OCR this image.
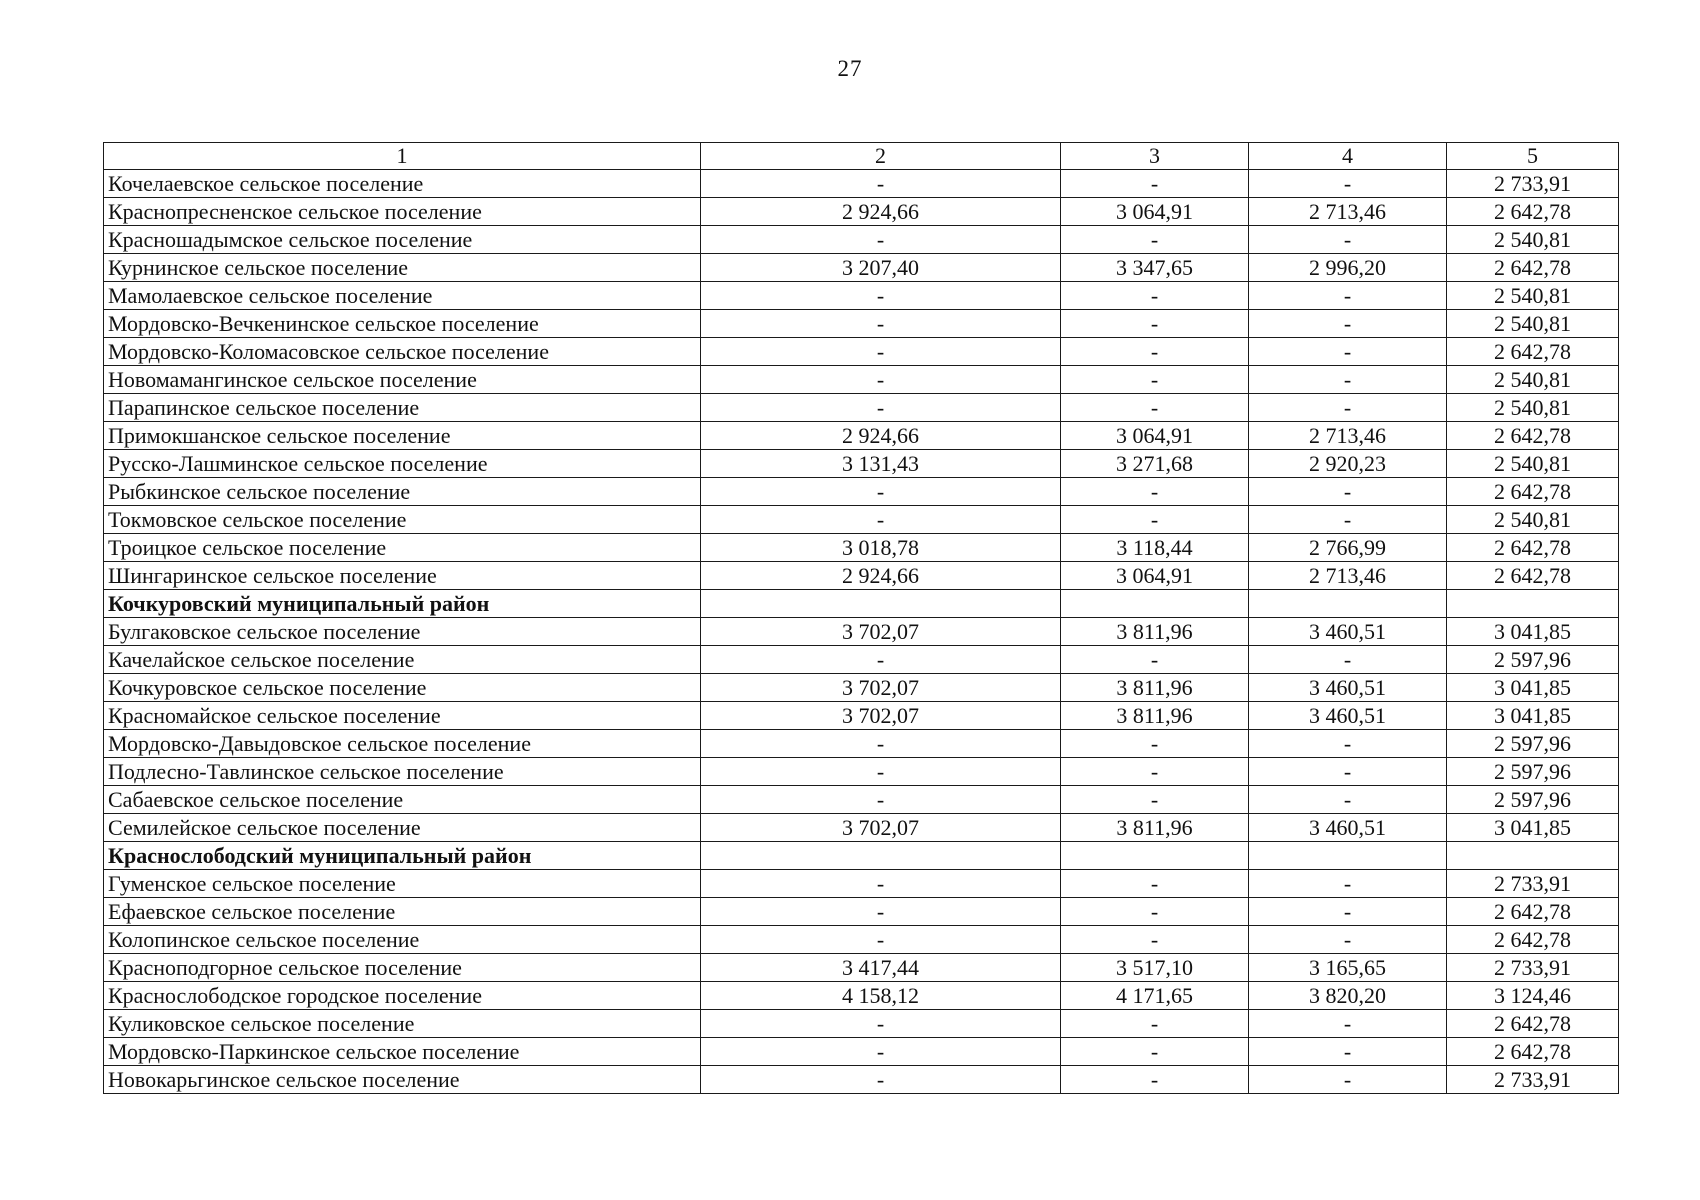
27
1	2	3	4	5
Кочелаевское сельское поселение	-	-	-	2 733,91
Краснопресненское сельское поселение	2 924,66	3 064,91	2 713,46	2 642,78
Красношадымское сельское поселение	-	-	-	2 540,81
Курнинское сельское поселение	3 207,40	3 347,65	2 996,20	2 642,78
Мамолаевское сельское поселение	-	-	-	2 540,81
Мордовско-Вечкенинское сельское поселение	-	-	-	2 540,81
Мордовско-Коломасовское сельское поселение	-	-	-	2 642,78
Новомамангинское сельское поселение	-	-	-	2 540,81
Парапинское сельское поселение	-	-	-	2 540,81
Примокшанское сельское поселение	2 924,66	3 064,91	2 713,46	2 642,78
Русско-Лашминское сельское поселение	3 131,43	3 271,68	2 920,23	2 540,81
Рыбкинское сельское поселение	-	-	-	2 642,78
Токмовское сельское поселение	-	-	-	2 540,81
Троицкое сельское поселение	3 018,78	3 118,44	2 766,99	2 642,78
Шингаринское сельское поселение	2 924,66	3 064,91	2 713,46	2 642,78
Кочкуровский муниципальный район				
Булгаковское сельское поселение	3 702,07	3 811,96	3 460,51	3 041,85
Качелайское сельское поселение	-	-	-	2 597,96
Кочкуровское сельское поселение	3 702,07	3 811,96	3 460,51	3 041,85
Красномайское сельское поселение	3 702,07	3 811,96	3 460,51	3 041,85
Мордовско-Давыдовское сельское поселение	-	-	-	2 597,96
Подлесно-Тавлинское сельское поселение	-	-	-	2 597,96
Сабаевское сельское поселение	-	-	-	2 597,96
Семилейское сельское поселение	3 702,07	3 811,96	3 460,51	3 041,85
Краснослободский муниципальный район				
Гуменское сельское поселение	-	-	-	2 733,91
Ефаевское сельское поселение	-	-	-	2 642,78
Колопинское сельское поселение	-	-	-	2 642,78
Красноподгорное сельское поселение	3 417,44	3 517,10	3 165,65	2 733,91
Краснослободское городское поселение	4 158,12	4 171,65	3 820,20	3 124,46
Куликовское сельское поселение	-	-	-	2 642,78
Мордовско-Паркинское сельское поселение	-	-	-	2 642,78
Новокарьгинское сельское поселение	-	-	-	2 733,91
